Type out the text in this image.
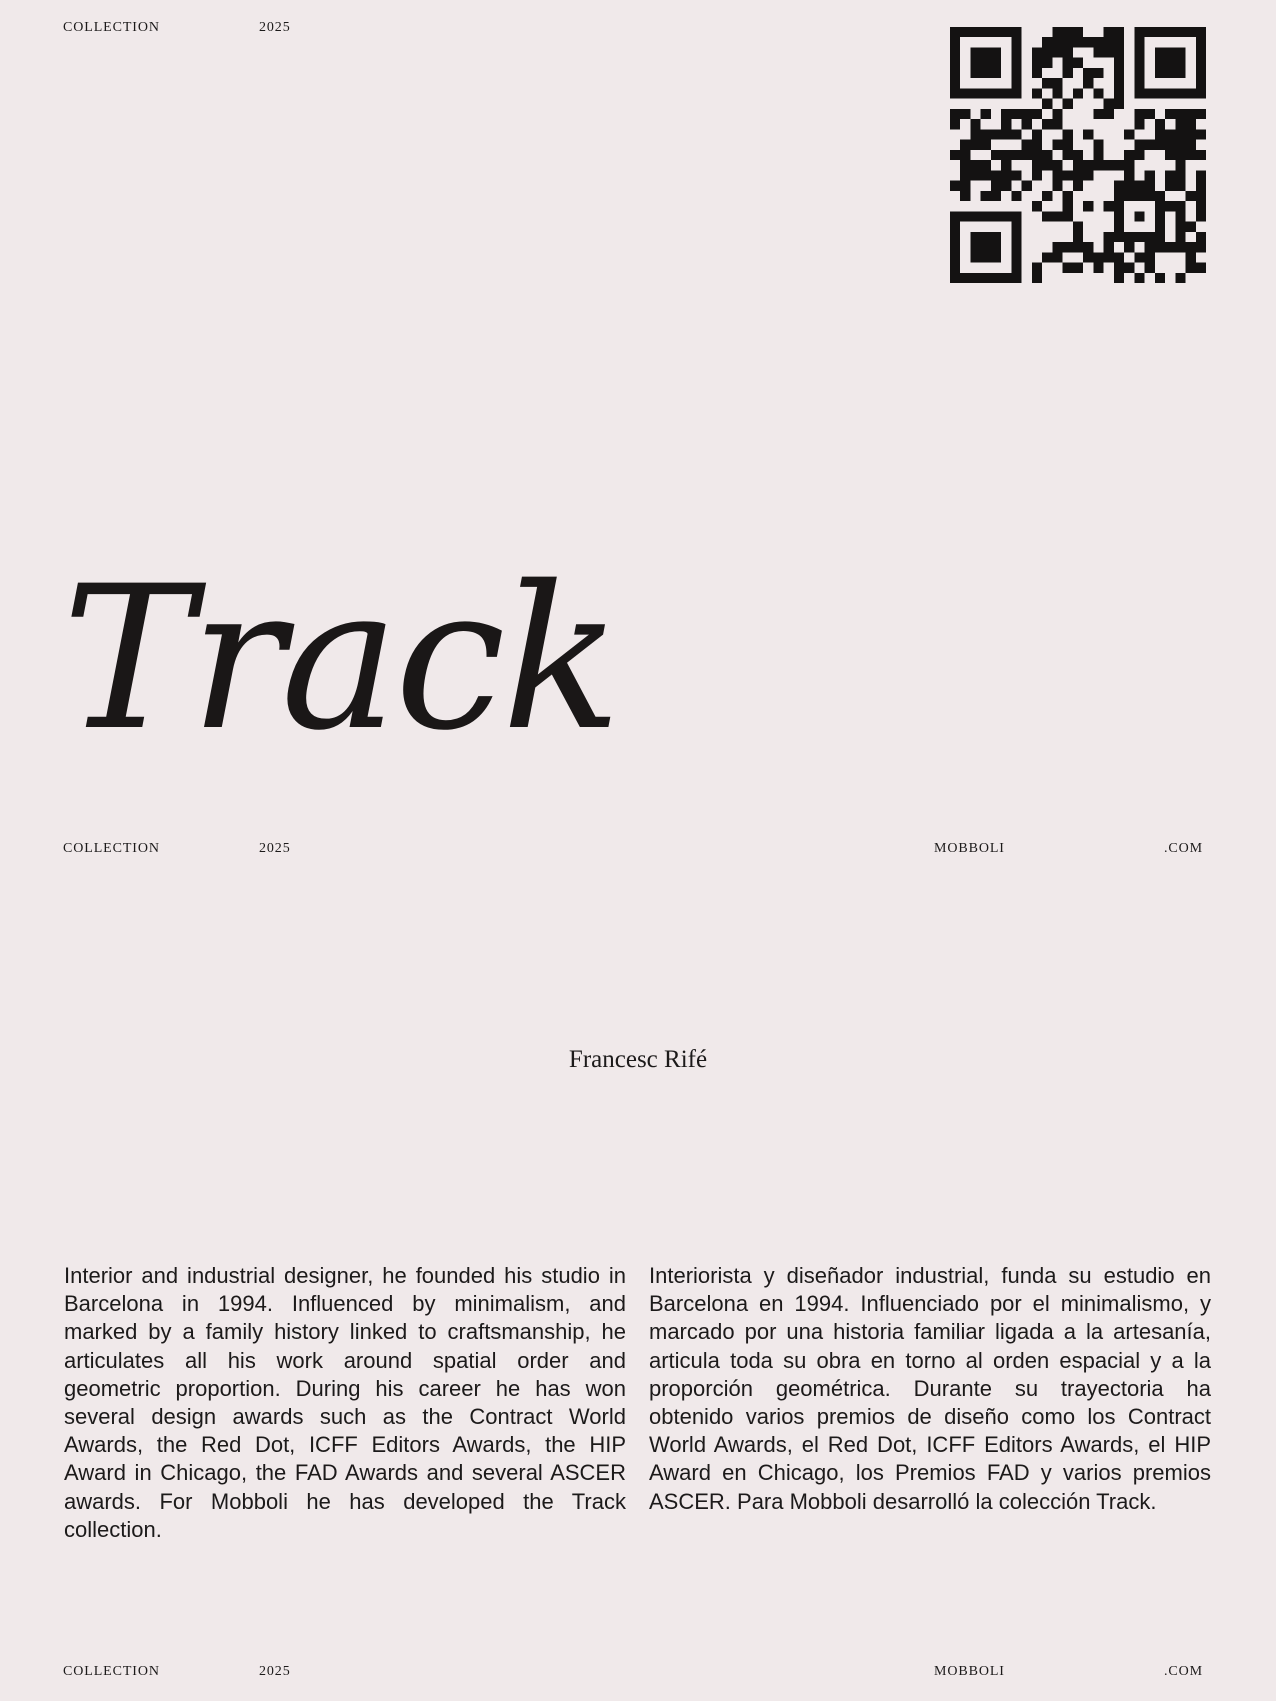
COLLECTION	2025
Track
COLLECTION	2025	MOBBOLI	.COM
Francesc Rifé

Interior and industrial designer, he founded his studio in Barcelona in 1994. Influenced by minimalism, and marked by a family history linked to craftsmanship, he articulates all his work around spatial order and geometric proportion. During his career he has won several design awards such as the Contract World Awards, the Red Dot, ICFF Editors Awards, the HIP Award in Chicago, the FAD Awards and several ASCER awards. For Mobboli he has developed the Track collection.

Interiorista y diseñador industrial, funda su estudio en Barcelona en 1994. Influenciado por el minimalismo, y marcado por una historia familiar ligada a la artesanía, articula toda su obra en torno al orden espacial y a la proporción geométrica. Durante su trayectoria ha obtenido varios premios de diseño como los Contract World Awards, el Red Dot, ICFF Editors Awards, el HIP Award en Chicago, los Premios FAD y varios premios ASCER. Para Mobboli desarrolló la colección Track.

COLLECTION	2025	MOBBOLI	.COM
